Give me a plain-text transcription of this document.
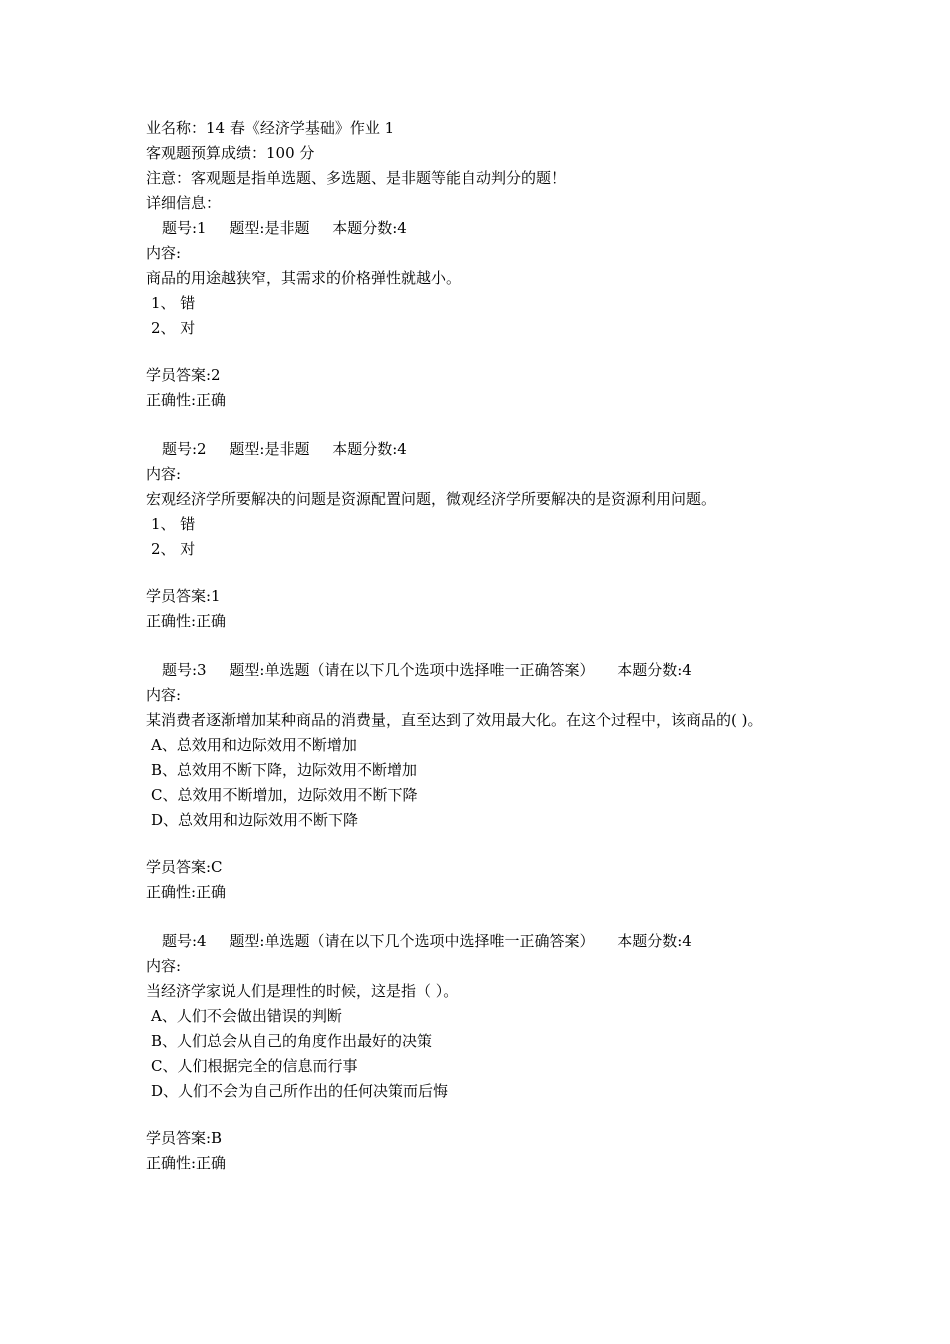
业名称：14 春《经济学基础》作业 1
客观题预算成绩：100 分
注意：客观题是指单选题、多选题、是非题等能自动判分的题！
详细信息：
题号:1 题型:是非题 本题分数:4
内容:
商品的用途越狭窄，其需求的价格弹性就越小。
1、 错
2、 对
学员答案:2
正确性:正确
题号:2 题型:是非题 本题分数:4
内容:
宏观经济学所要解决的问题是资源配置问题，微观经济学所要解决的是资源利用问题。
1、 错
2、 对
学员答案:1
正确性:正确
题号:3 题型:单选题（请在以下几个选项中选择唯一正确答案） 本题分数:4
内容:
某消费者逐渐增加某种商品的消费量，直至达到了效用最大化。在这个过程中，该商品的( )。
A、总效用和边际效用不断增加
B、总效用不断下降，边际效用不断增加
C、总效用不断增加，边际效用不断下降
D、总效用和边际效用不断下降
学员答案:C
正确性:正确
题号:4 题型:单选题（请在以下几个选项中选择唯一正确答案） 本题分数:4
内容:
当经济学家说人们是理性的时候，这是指（ ）。
A、人们不会做出错误的判断
B、人们总会从自己的角度作出最好的决策
C、人们根据完全的信息而行事
D、人们不会为自己所作出的任何决策而后悔
学员答案:B
正确性:正确
